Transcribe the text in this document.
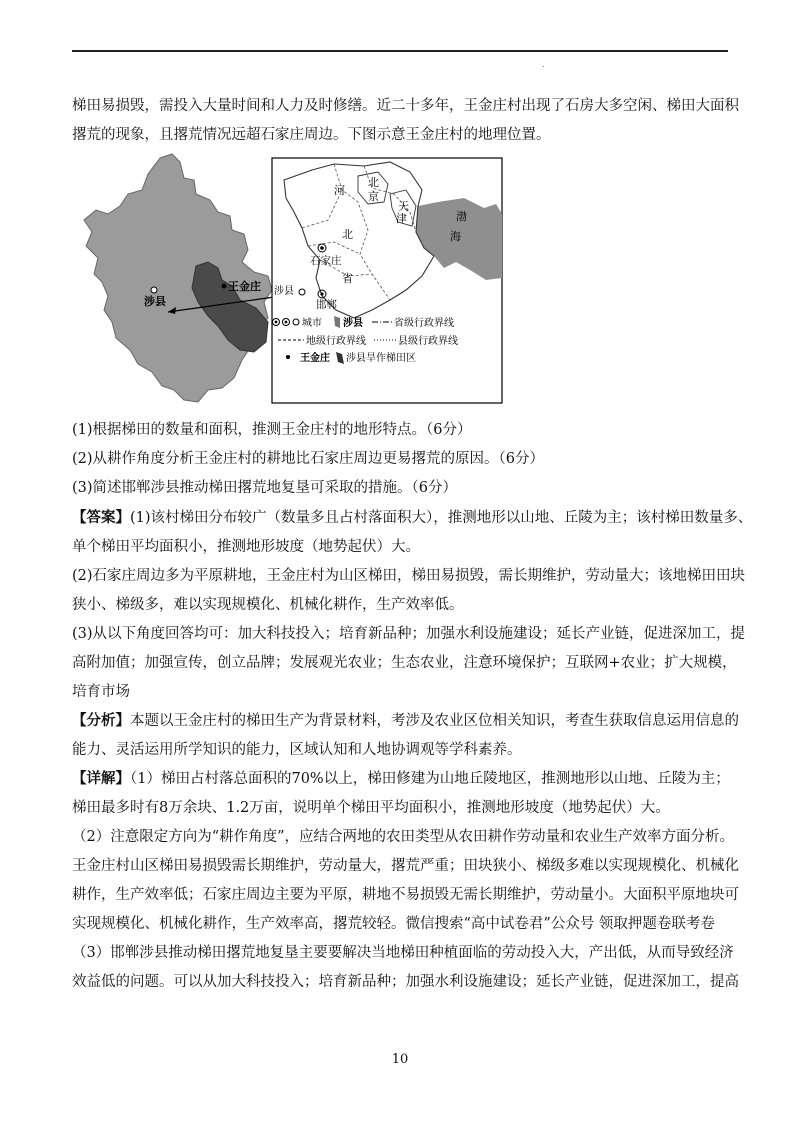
.

梯田易损毁，需投入大量时间和人力及时修缮。近二十多年，王金庄村出现了石房大多空闲、梯田大面积

撂荒的现象，且撂荒情况远超石家庄周边。下图示意王金庄村的地理位置。

涉县
王金庄
河
北
京
天
津	渤
海
北
石家庄
省
涉县
邯郸
城市 涉县	省级行政界线
地级行政界线	县级行政界线
王金庄 涉县旱作梯田区

(1)根据梯田的数量和面积，推测王金庄村的地形特点。（6分）

(2)从耕作角度分析王金庄村的耕地比石家庄周边更易撂荒的原因。（6分）

(3)简述邯郸涉县推动梯田撂荒地复垦可采取的措施。（6分）

【答案】(1)该村梯田分布较广（数量多且占村落面积大），推测地形以山地、丘陵为主；该村梯田数量多、

单个梯田平均面积小，推测地形坡度（地势起伏）大。

(2)石家庄周边多为平原耕地，王金庄村为山区梯田，梯田易损毁，需长期维护，劳动量大；该地梯田田块

狭小、梯级多，难以实现规模化、机械化耕作，生产效率低。

(3)从以下角度回答均可：加大科技投入；培育新品种；加强水利设施建设；延长产业链，促进深加工，提

高附加值；加强宣传，创立品牌；发展观光农业；生态农业，注意环境保护；互联网+农业；扩大规模，

培育市场

【分析】本题以王金庄村的梯田生产为背景材料，考涉及农业区位相关知识，考查生获取信息运用信息的

能力、灵活运用所学知识的能力，区域认知和人地协调观等学科素养。

【详解】（1）梯田占村落总面积的70%以上，梯田修建为山地丘陵地区，推测地形以山地、丘陵为主；

梯田最多时有8万余块、1.2万亩，说明单个梯田平均面积小，推测地形坡度（地势起伏）大。

（2）注意限定方向为“耕作角度”，应结合两地的农田类型从农田耕作劳动量和农业生产效率方面分析。

王金庄村山区梯田易损毁需长期维护，劳动量大，撂荒严重；田块狭小、梯级多难以实现规模化、机械化

耕作，生产效率低；石家庄周边主要为平原，耕地不易损毁无需长期维护，劳动量小。大面积平原地块可

实现规模化、机械化耕作，生产效率高，撂荒较轻。微信搜索“高中试卷君”公众号 领取押题卷联考卷

（3）邯郸涉县推动梯田撂荒地复垦主要要解决当地梯田种植面临的劳动投入大，产出低，从而导致经济

效益低的问题。可以从加大科技投入；培育新品种；加强水利设施建设；延长产业链，促进深加工，提高

10
